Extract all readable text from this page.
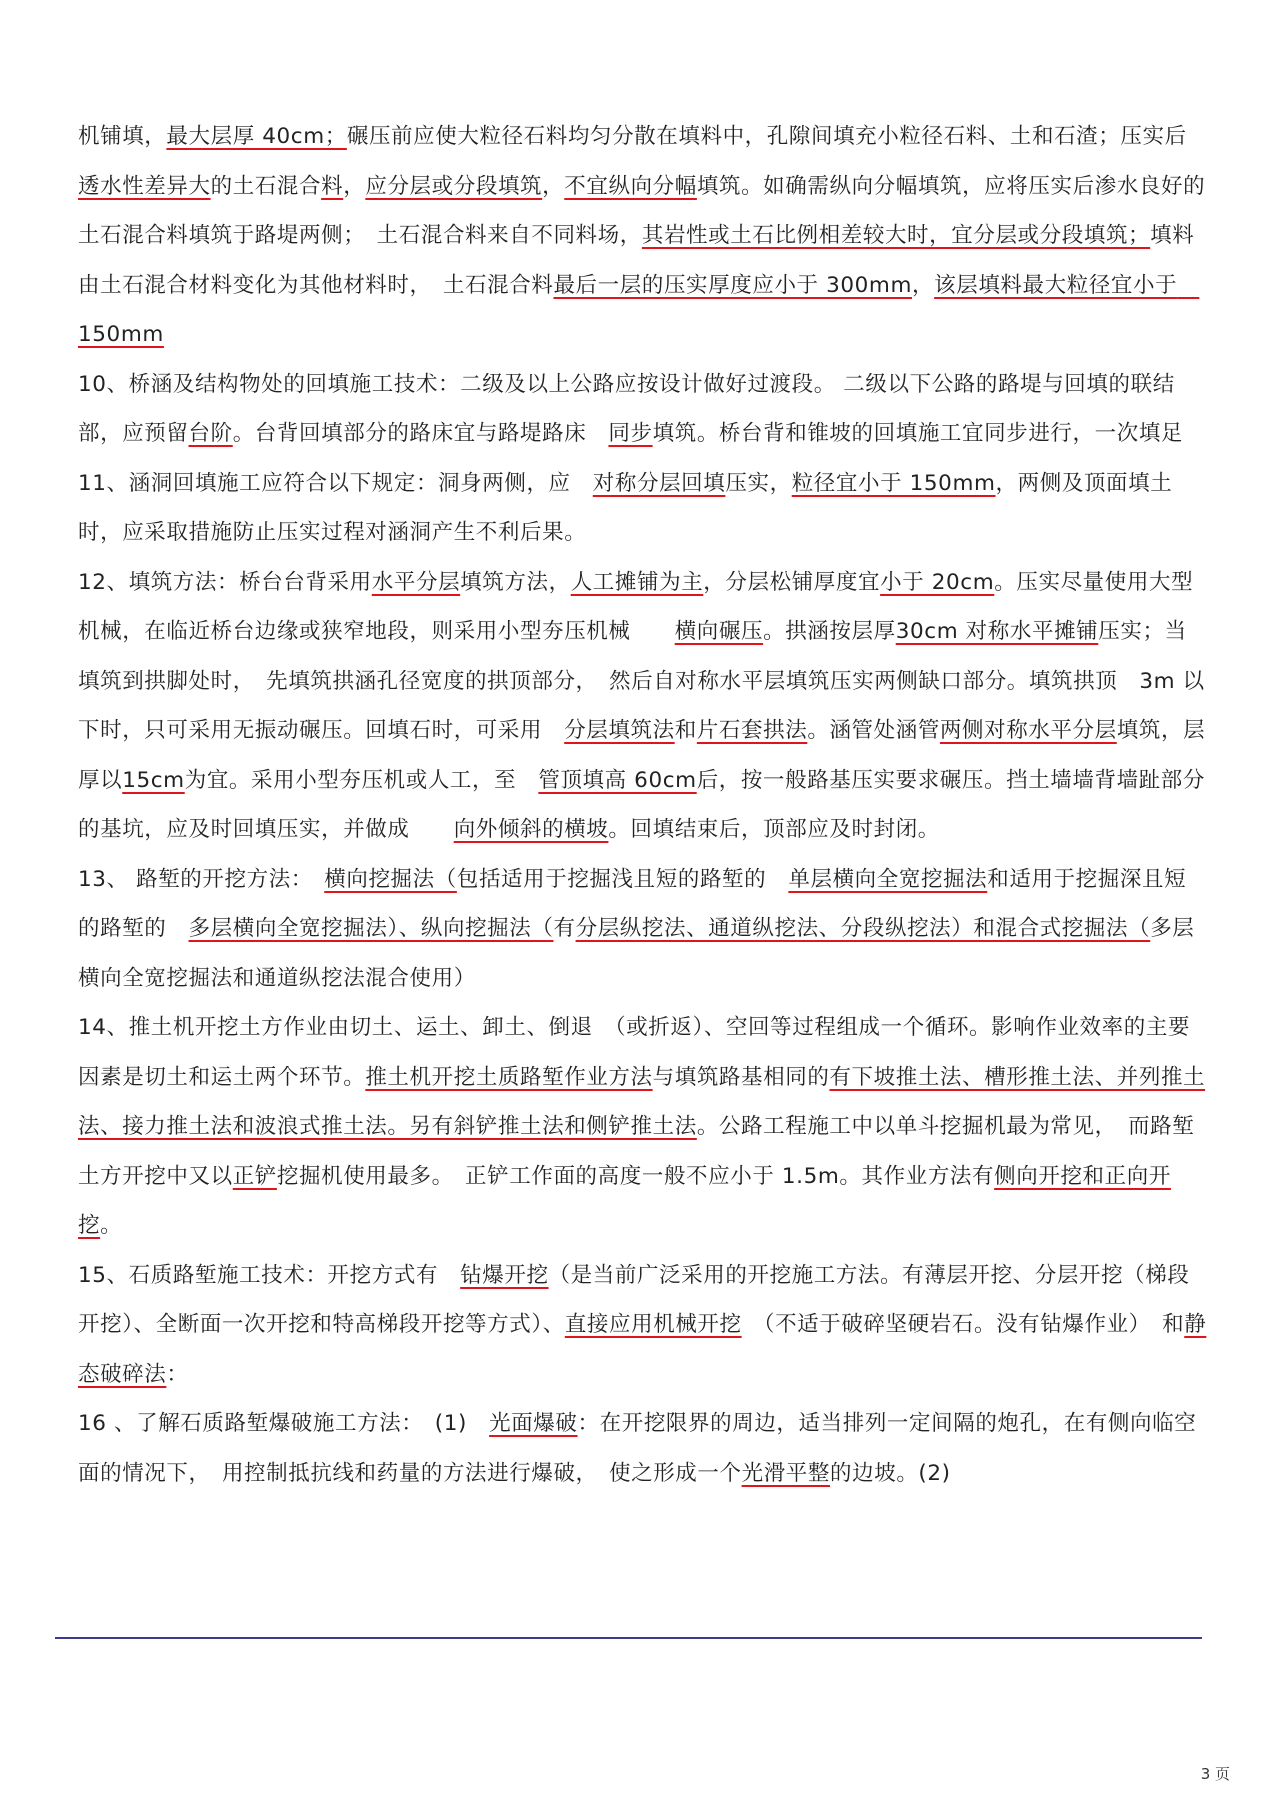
机铺填，最大层厚 40cm；碾压前应使大粒径石料均匀分散在填料中，孔隙间填充小粒径石料、土和石渣；压实后透水性差异大的土石混合料，应分层或分段填筑，不宜纵向分幅填筑。如确需纵向分幅填筑，应将压实后渗水良好的土石混合料填筑于路堤两侧；　土石混合料来自不同料场，其岩性或土石比例相差较大时，宜分层或分段填筑；填料由土石混合材料变化为其他材料时，　土石混合料最后一层的压实厚度应小于 300mm，该层填料最大粒径宜小于　150mm

10、桥涵及结构物处的回填施工技术：二级及以上公路应按设计做好过渡段。 二级以下公路的路堤与回填的联结部，应预留台阶。台背回填部分的路床宜与路堤路床　同步填筑。桥台背和锥坡的回填施工宜同步进行，一次填足

11、涵洞回填施工应符合以下规定：洞身两侧，应　对称分层回填压实，粒径宜小于 150mm，两侧及顶面填土时，应采取措施防止压实过程对涵洞产生不利后果。

12、填筑方法：桥台台背采用水平分层填筑方法，人工摊铺为主，分层松铺厚度宜小于 20cm。压实尽量使用大型机械，在临近桥台边缘或狭窄地段，则采用小型夯压机械　　横向碾压。拱涵按层厚30cm 对称水平摊铺压实；当填筑到拱脚处时，　先填筑拱涵孔径宽度的拱顶部分，　然后自对称水平层填筑压实两侧缺口部分。填筑拱顶　3m 以下时，只可采用无振动碾压。回填石时，可采用　分层填筑法和片石套拱法。涵管处涵管两侧对称水平分层填筑，层厚以15cm为宜。采用小型夯压机或人工，至　管顶填高 60cm后，按一般路基压实要求碾压。挡土墙墙背墙趾部分的基坑，应及时回填压实，并做成　　向外倾斜的横坡。回填结束后，顶部应及时封闭。

13、 路堑的开挖方法：　横向挖掘法（包括适用于挖掘浅且短的路堑的　单层横向全宽挖掘法和适用于挖掘深且短的路堑的　多层横向全宽挖掘法）、纵向挖掘法（有分层纵挖法、通道纵挖法、分段纵挖法）和混合式挖掘法（多层横向全宽挖掘法和通道纵挖法混合使用）

14、推土机开挖土方作业由切土、运土、卸土、倒退　（或折返）、空回等过程组成一个循环。影响作业效率的主要因素是切土和运土两个环节。推土机开挖土质路堑作业方法与填筑路基相同的有下坡推土法、槽形推土法、并列推土法、接力推土法和波浪式推土法。另有斜铲推土法和侧铲推土法。公路工程施工中以单斗挖掘机最为常见，　而路堑土方开挖中又以正铲挖掘机使用最多。　正铲工作面的高度一般不应小于 1.5m。其作业方法有侧向开挖和正向开挖。

15、石质路堑施工技术：开挖方式有　钻爆开挖（是当前广泛采用的开挖施工方法。有薄层开挖、分层开挖（梯段开挖）、全断面一次开挖和特高梯段开挖等方式）、直接应用机械开挖　（不适于破碎坚硬岩石。没有钻爆作业）　和静态破碎法：

16 、了解石质路堑爆破施工方法：　(1)　光面爆破：在开挖限界的周边，适当排列一定间隔的炮孔，在有侧向临空面的情况下，　用控制抵抗线和药量的方法进行爆破，　使之形成一个光滑平整的边坡。(2)

3 页
